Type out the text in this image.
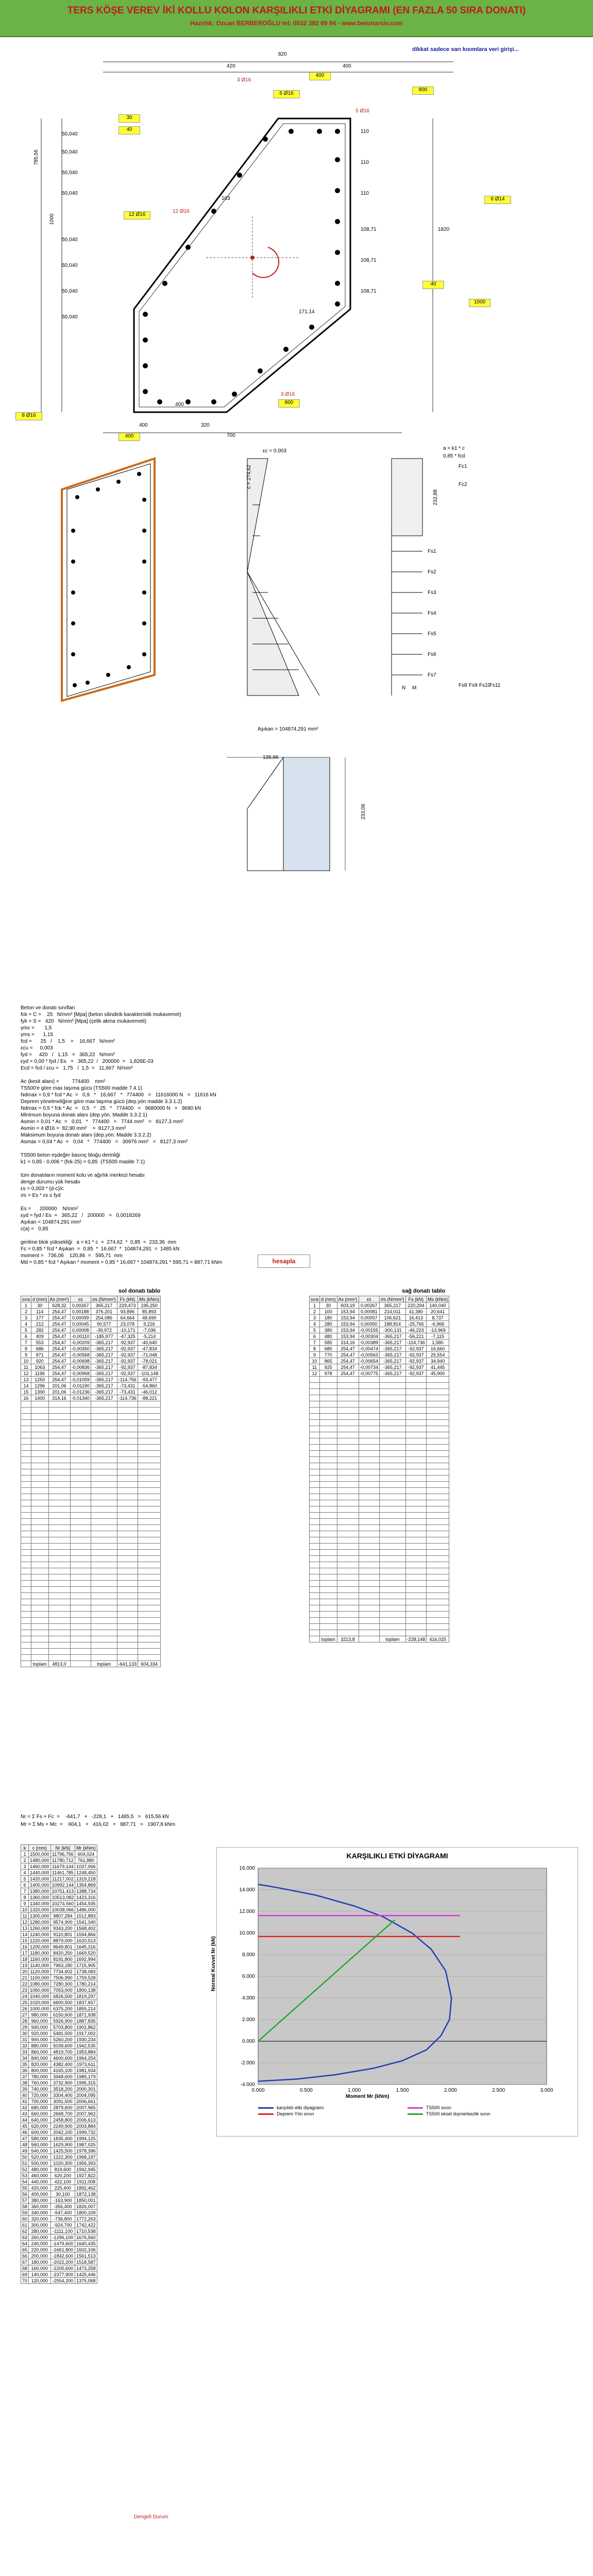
TERS KÖŞE VEREV İKİ KOLLU KOLON KARŞILIKLI ETKİ DİYAGRAMI (EN FAZLA 50 SIRA DONATI)
Hazırlık: Ozcan BERBEROĞLU tel: 0532 382 09 94 - www.betonarsiv.com
dikkat sadece sarı kısımlara veri girişi...
820
420	400
785,56
1000
700
400	320
1820
50,040
50,040
50,040
50,040
50,040
50,040
50,040
50,040
110
110
110
108,71
108,71
108,71
163
171,14
400
3 Ø16
12 Ø16
5 Ø16
3 Ø16
30
40
800
400
6 Ø14
1000
12 Ø16
8 Ø16
800
400
6 Ø16
40
εc = 0.003
c = 274,62
232,88
a = k1 * c
0,85 * fcd
Fc1
Fc2
Fs1
Fs2
Fs3
Fs4
Fs5
Fs6
Fs7
Fs8 Fs9 Fs10
Fs11
N M
Aşıkan = 104874,291 mm²
135,86
233,06
Beton ve donatı sınıfları
fck = C =    25   N/mm² [Mpa] (beton silindirik karakteristik mukavemet)
fyk = S =   420   N/mm² [Mpa] (çelik akma mukavemeti)
γmc =       1,5
γms =      1,15
fcd =      25   /    1,5    =    16,667   N/mm²
εcu =     0,003
fyd =     420   /   1,15   =   365,22   N/mm²
εyd = 0,00 * fyd / Es   =   365,22  /   200000  =   1,826E-03
Ecd = fcd / εcu =   1,75   /  1,5  =   11,667  N/mm²

Ac (kesit alanı) =         774400    mm²
TS500'e göre max taşıma gücü (TS500 madde 7.4.1)
Ndmax = 0,9 * fcd * Ac  =   0,9   *   16,667   *   774400   =   11616000 N   =   11616 kN
Deprem yönetmeliğine göre max taşıma gücü (dep.yön madde 3.3.1.2)
Ndmax = 0,5 * fck * Ac  =   0,5   *   25   *   774400   =   9680000 N   =   9680 kN
Minimum boyuna donatı alanı (dep.yön. Madde 3.3.2.1)
Asmin = 0,01 * Ac  =   0,01   *   774400   =   7744 mm²   =   8127,3 mm²
Asmin = 4 Ø16 =  82,90 mm²    =  8127,3 mm²
Maksimum boyuna donatı alanı (dep.yön. Madde 3.3.2.2)
Asmax = 0,04 * Ac  =   0,04   *   774400   =   30976 mm²   =   8127,3 mm²

TS500 beton eşdeğer basınç bloğu derinliği
k1 = 0,85 - 0,006 * (fck-25) = 0,85  (TS500 madde 7.1)

tüm donatıların moment kolu ve ağırlık merkezi hesabı
denge durumu yük hesabı
εs = 0,003 * (d-c)/c
σs = Es * εs ≤ fyd

Es =      200000    N/mm²
εyd = fyd / Es  =   365,22   /   200000   =   0,0018269
Aşıkan = 104874,291 mm²
c(a) =   0,85

gerilme blok yüksekliği   a = k1 * c  =  274,62  *  0,85  =  233,36  mm
Fc = 0,85 * fcd * Aşıkan  =  0,85  *  16,667  *  104874,291  =  1485 kN
moment =   736,06    120,86  =   595,71  mm
Md = 0,85 * fcd * Aşıkan * moment = 0,85 * 16,667 * 104874,291 * 595,71 = 887,71 kNm	hesapla
Nr = Σ Fs + Fc  =    -641,7   +   -228,1   +   1485,5   =   615,56 kN
Mr = Σ Ms + Mc  =    604,1   +   416,02   +   887,71   =   1907,8 kNm
sol donatı tablo	sağ donatı tablo
sıra	d (mm)	As (mm²)	εs	σs (N/mm²)	Fs (kN)	Ms (kNm)
1	30	628,32	0,00267	365,217	229,473	195,250
2	114	254,47	0,00188	376,201	93,896	85,893
3	177	254,47	0,00099	254,086	64,664	48,690
4	212	254,47	0,00045	90,577	23,078	9,226
5	282	254,47	0,00008	-39,972	-10,171	-7,036
6	409	254,47	-0,00110	-185,977	-47,325	-5,214
7	553	254,47	-0,00209	-365,217	-92,937	-40,640
8	686	254,47	-0,00350	-365,217	-92,937	-47,834
9	871	254,47	-0,00568	-365,217	-92,937	-71,048
10	920	254,47	-0,00698	-365,217	-92,937	-78,021
11	1063	254,47	-0,00836	-365,217	-92,937	-87,834
12	1196	254,47	-0,00968	-365,217	-92,937	-101,148
13	1250	254,47	-0,01059	-365,217	-114,756	-93,477
14	1296	201,06	-0,01190	-365,217	-73,431	-54,860
15	1390	201,06	-0,01236	-365,217	-73,431	-46,012
16	1400	314,16	-0,01340	-365,217	-114,736	-88,221

	toplam	4813,0		toplam	-641,133	604,334
sıra	d (mm)	As (mm²)	εs	σs (N/mm²)	Fs (kN)	Ms (kNm)
1	30	603,19	0,00267	365,217	220,294	140,040
2	100	153,94	0,00081	214,011	41,380	20,641
3	180	153,94	0,00057	106,621	16,413	8,737
4	280	153,94	0,00050	188,814	-25,766	-6,966
5	380	153,94	-0,00155	-300,131	-46,223	-13,969
6	480	153,94	-0,00304	-365,217	-56,221	-7,115
7	585	314,16	-0,00389	-365,217	-114,736	1,580
8	680	254,47	-0,00474	-365,217	-92,937	16,660
9	770	254,47	-0,00563	-365,217	-92,937	25,554
10	865	254,47	-0,00654	-365,217	-92,937	34,940
11	925	254,47	-0,00734	-365,217	-92,937	41,445
12	978	254,47	-0,00775	-365,217	-92,937	45,900

	toplam	3213,8		toplam	-228,148	416,025
k	c (mm)	Nr (kN)	Mr (kNm)
1	1500,000	11796,756	604,024
2	1480,000	11780,712	761,880
3	1460,000	11679,144	1037,066
4	1440,000	11461,785	1248,450
5	1420,000	11217,002	1319,218
6	1400,000	10992,144	1354,869
7	1380,000	10751,413	1388,734
8	1360,000	10513,082	1423,316
9	1340,000	10274,560	1454,935
10	1320,000	10038,066	1486,000
11	1300,000	9807,284	1512,883
12	1280,000	9574,900	1541,340
13	1260,000	9343,200	1568,402
14	1240,000	9110,801	1594,866
15	1220,000	8879,000	1620,513
16	1200,000	8649,801	1645,316
17	1180,000	8420,250	1669,520
18	1160,000	8191,800	1692,994
19	1140,000	7963,180	1715,905
20	1120,000	7734,602	1738,083
21	1100,000	7506,990	1759,528
22	1080,000	7280,300	1780,214
23	1060,000	7053,000	1800,138
24	1040,000	6826,500	1819,297
25	1020,000	6600,500	1837,657
26	1000,000	6375,200	1855,214
27	980,000	6150,600	1871,938
28	960,000	5926,900	1887,835
29	940,000	5703,800	1902,862
30	920,000	5481,500	1917,002
31	900,000	5260,200	1930,234
32	880,000	5039,600	1942,535
33	860,000	4819,700	1953,884
34	840,000	4600,600	1964,254
35	820,000	4382,400	1973,611
36	800,000	4165,100	1981,934
37	780,000	3948,600	1989,179
38	760,000	3732,900	1995,315
39	740,000	3518,200	2000,301
40	720,000	3304,400	2004,095
41	700,000	3091,500	2006,661
42	680,000	2879,600	2007,965
43	660,000	2668,700	2007,962
44	640,000	2458,800	2006,613
45	620,000	2249,900	2003,884
46	600,000	2042,100	1999,732
47	580,000	1835,400	1994,125
48	560,000	1629,900	1987,025
49	540,000	1425,500	1978,396
50	520,000	1222,300	1968,197
51	500,000	1020,300	1956,393
52	480,000	819,600	1942,945
53	460,000	620,200	1927,822
54	440,000	422,100	1911,008
55	420,000	225,400	1892,462
56	400,000	30,100	1872,138
57	380,000	-163,900	1850,001
58	360,000	-356,400	1826,007
59	340,000	-547,400	1800,109
60	320,000	-736,800	1772,263
61	300,000	-924,700	1742,422
62	280,000	-1111,100	1710,538
63	260,000	-1296,100	1676,560
64	240,000	-1479,600	1640,435
65	220,000	-1661,800	1602,106
66	200,000	-1842,600	1561,513
67	180,000	-2022,200	1518,587
68	160,000	-2200,600	1473,258
69	140,000	-2377,900	1425,446
70	120,000	-2554,200	1375,068
Dengeli Durum
KARŞILIKLI ETKİ DİYAGRAMI
16.000
14.000
12.000
10.000
8.000
6.000
4.000
2.000
0.000
-2.000
-4.000
0.000	0.500	1.000	1.500	2.000	2.500	3.000
Moment Mr (kNm)
Normal Kuvvet Nr (kN)
karşılıklı etki diyagramı	TS500 sınırıDeprem Yön sınırı	TS500 eksel dışmerkezlik sınırı
